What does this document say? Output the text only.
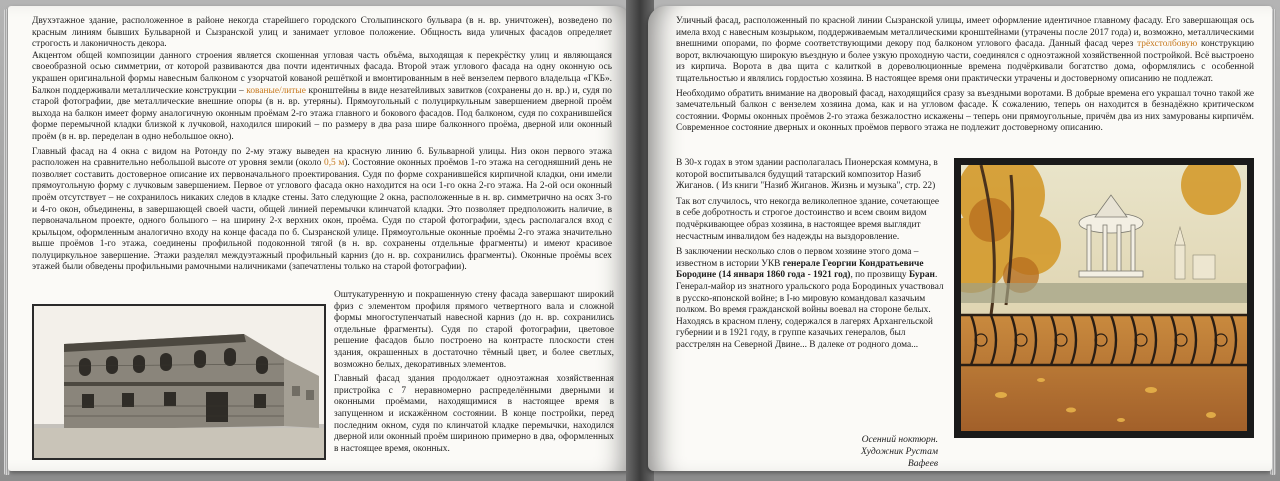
Двухэтажное здание, расположенное в районе некогда старейшего городского Столыпинского бульвара (в н. вр. уничтожен), возведено по красным линиям бывших Бульварной и Сызранской улиц и занимает угловое положение. Общность вида уличных фасадов определяет строгость и лаконичность декора.

Акцентом общей композиции данного строения является скошенная угловая часть объёма, выходящая к перекрёстку улиц и являющаяся своеобразной осью симметрии, от которой развиваются два почти идентичных фасада. Второй этаж углового фасада на одну оконную ось украшен оригинальной формы навесным балконом с узорчатой кованой решёткой и вмонтированным в неё вензелем первого владельца «ГКБ». Балкон поддерживали металлические конструкции – кованые/литые кронштейны в виде незатейливых завитков (сохранены до н. вр.) и, судя по старой фотографии, две металлические внешние опоры (в н. вр. утеряны). Прямоугольный с полуциркульным завершением дверной проём выхода на балкон имеет форму аналогичную оконным проёмам 2-го этажа главного и бокового фасадов. Под балконом, судя по сохранившейся форме перемычной кладки близкой к лучковой, находился широкий – по размеру в два раза шире балконного проёма, дверной или оконный проём (в н. вр. переделан в одно небольшое окно).

Главный фасад на 4 окна с видом на Ротонду по 2-му этажу выведен на красную линию б. Бульварной улицы. Низ окон первого этажа расположен на сравнительно небольшой высоте от уровня земли (около 0,5 м). Состояние оконных проёмов 1-го этажа на сегодняшний день не позволяет составить достоверное описание их первоначального проектирования. Судя по форме сохранившейся кирпичной кладки, они имели прямоугольную форму с лучковым завершением. Первое от углового фасада окно находится на оси 1-го окна 2-го этажа. На 2-ой оси оконный проём отсутствует – не сохранилось никаких следов в кладке стены. Зато следующие 2 окна, расположенные в н. вр. симметрично на осях 3-го и 4-го окон, объединены, в завершающей своей части, общей линией перемычки клинчатой кладки. Это позволяет предположить наличие, в первоначальном проекте, одного большого – на ширину 2-х верхних окон, проёма. Судя по старой фотографии, здесь располагался вход с крыльцом, оформленным аналогично входу на конце фасада по б. Сызранской улице. Прямоугольные оконные проёмы 2-го этажа значительно выше проёмов 1-го этажа, соединены профильной подоконной тягой (в н. вр. сохранены отдельные фрагменты) и имеют красивое полуциркульное завершение. Этажи разделял междуэтажный профильный карниз (до н. вр. сохранились фрагменты). Оконные проёмы всех этажей были обведены профильными рамочными наличниками (запечатлены только на старой фотографии).

Оштукатуренную и покрашенную стену фасада завершают широкий фриз с элементом профиля прямого четвертного вала и сложной формы многоступенчатый навесной карниз (до н. вр. сохранились отдельные фрагменты). Судя по старой фотографии, цветовое решение фасадов было построено на контрасте плоскости стен здания, окрашенных в достаточно тёмный цвет, и более светлых, возможно белых, декоративных элементов.

Главный фасад здания продолжает одноэтажная хозяйственная пристройка с 7 неравномерно распределёнными дверными и оконными проёмами, находящимися в настоящее время в запущенном и искажённом состоянии. В конце постройки, перед последним окном, судя по клинчатой кладке перемычки, находился дверной или оконный проём шириною примерно в два, оформленных в настоящее время, оконных.

Уличный фасад, расположенный по красной линии Сызранской улицы, имеет оформление идентичное главному фасаду. Его завершающая ось имела вход с навесным козырьком, поддерживаемым металлическими кронштейнами (утрачены после 2017 года) и, возможно, металлическими внешними опорами, по форме соответствующими декору под балконом углового фасада. Данный фасад через трёхстолбовую конструкцию ворот, включающую широкую въездную и более узкую проходную части, соединялся с одноэтажной хозяйственной постройкой. Всё выстроено из кирпича. Ворота в два щита с калиткой в дореволюционные времена подчёркивали богатство дома, оформлялись с особенной тщательностью и являлись гордостью хозяина. В настоящее время они практически утрачены и достоверному описанию не подлежат.

Необходимо обратить внимание на дворовый фасад, находящийся сразу за въездными воротами. В добрые времена его украшал точно такой же замечательный балкон с вензелем хозяина дома, как и на угловом фасаде. К сожалению, теперь он находится в безнадёжно критическом состоянии. Формы оконных проёмов 2-го этажа безжалостно искажены – теперь они прямоугольные, причём два из них замурованы кирпичём. Современное состояние дверных и оконных проёмов первого этажа не подлежит достоверному описанию.

В 30-х годах в этом здании располагалась Пионерская коммуна, в которой воспитывался будущий татарский композитор Назиб Жиганов. ( Из книги "Назиб Жиганов. Жизнь и музыка", стр. 22)

Так вот случилось, что некогда великолепное здание, сочетающее в себе добротность и строгое достоинство и всем своим видом подчёркивающее образ хозяина, в настоящее время выглядит несчастным инвалидом без надежды на выздоровление.

В заключении несколько слов о первом хозяине этого дома – известном в истории УКВ генерале Георгии Кондратьевиче Бородине (14 января 1860 года - 1921 год), по прозвищу Буран. Генерал-майор из знатного уральского рода Бородиных участвовал в русско-японской войне; в I-ю мировую командовал казачьим полком. Во время гражданской войны воевал на стороне белых. Находясь в красном плену, содержался в лагерях Архангельской губернии и в 1921 году, в группе казачьих генералов, был расстрелян на Северной Двине... В далеке от родного дома...

Осенний ноктюрн.
Художник Рустам Вафеев
